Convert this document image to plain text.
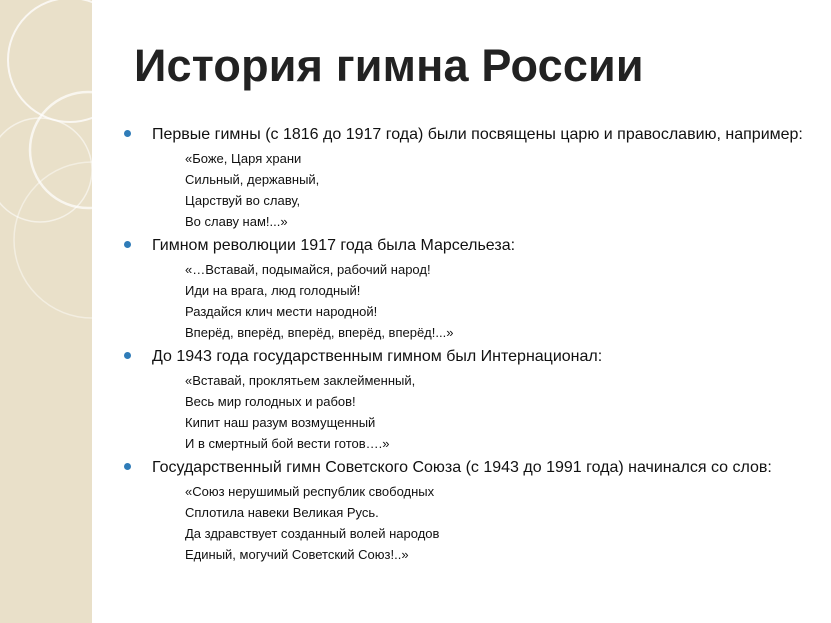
История гимна России
Первые гимны (с 1816 до 1917 года) были посвящены царю и православию, например:
«Боже, Царя храни
Сильный, державный,
Царствуй во славу,
Во славу нам!...»
Гимном революции 1917 года была Марсельеза:
«…Вставай, подымайся, рабочий народ!
Иди на врага, люд голодный!
Раздайся клич мести народной!
Вперёд, вперёд, вперёд, вперёд, вперёд!...»
До 1943 года государственным гимном был Интернационал:
«Вставай, проклятьем заклейменный,
Весь мир голодных и рабов!
Кипит наш разум возмущенный
И в смертный бой вести готов….»
Государственный гимн Советского Союза (с 1943 до 1991 года) начинался со слов:
«Союз нерушимый республик свободных
Сплотила навеки Великая Русь.
Да здравствует созданный волей народов
Единый, могучий Советский Союз!..»
